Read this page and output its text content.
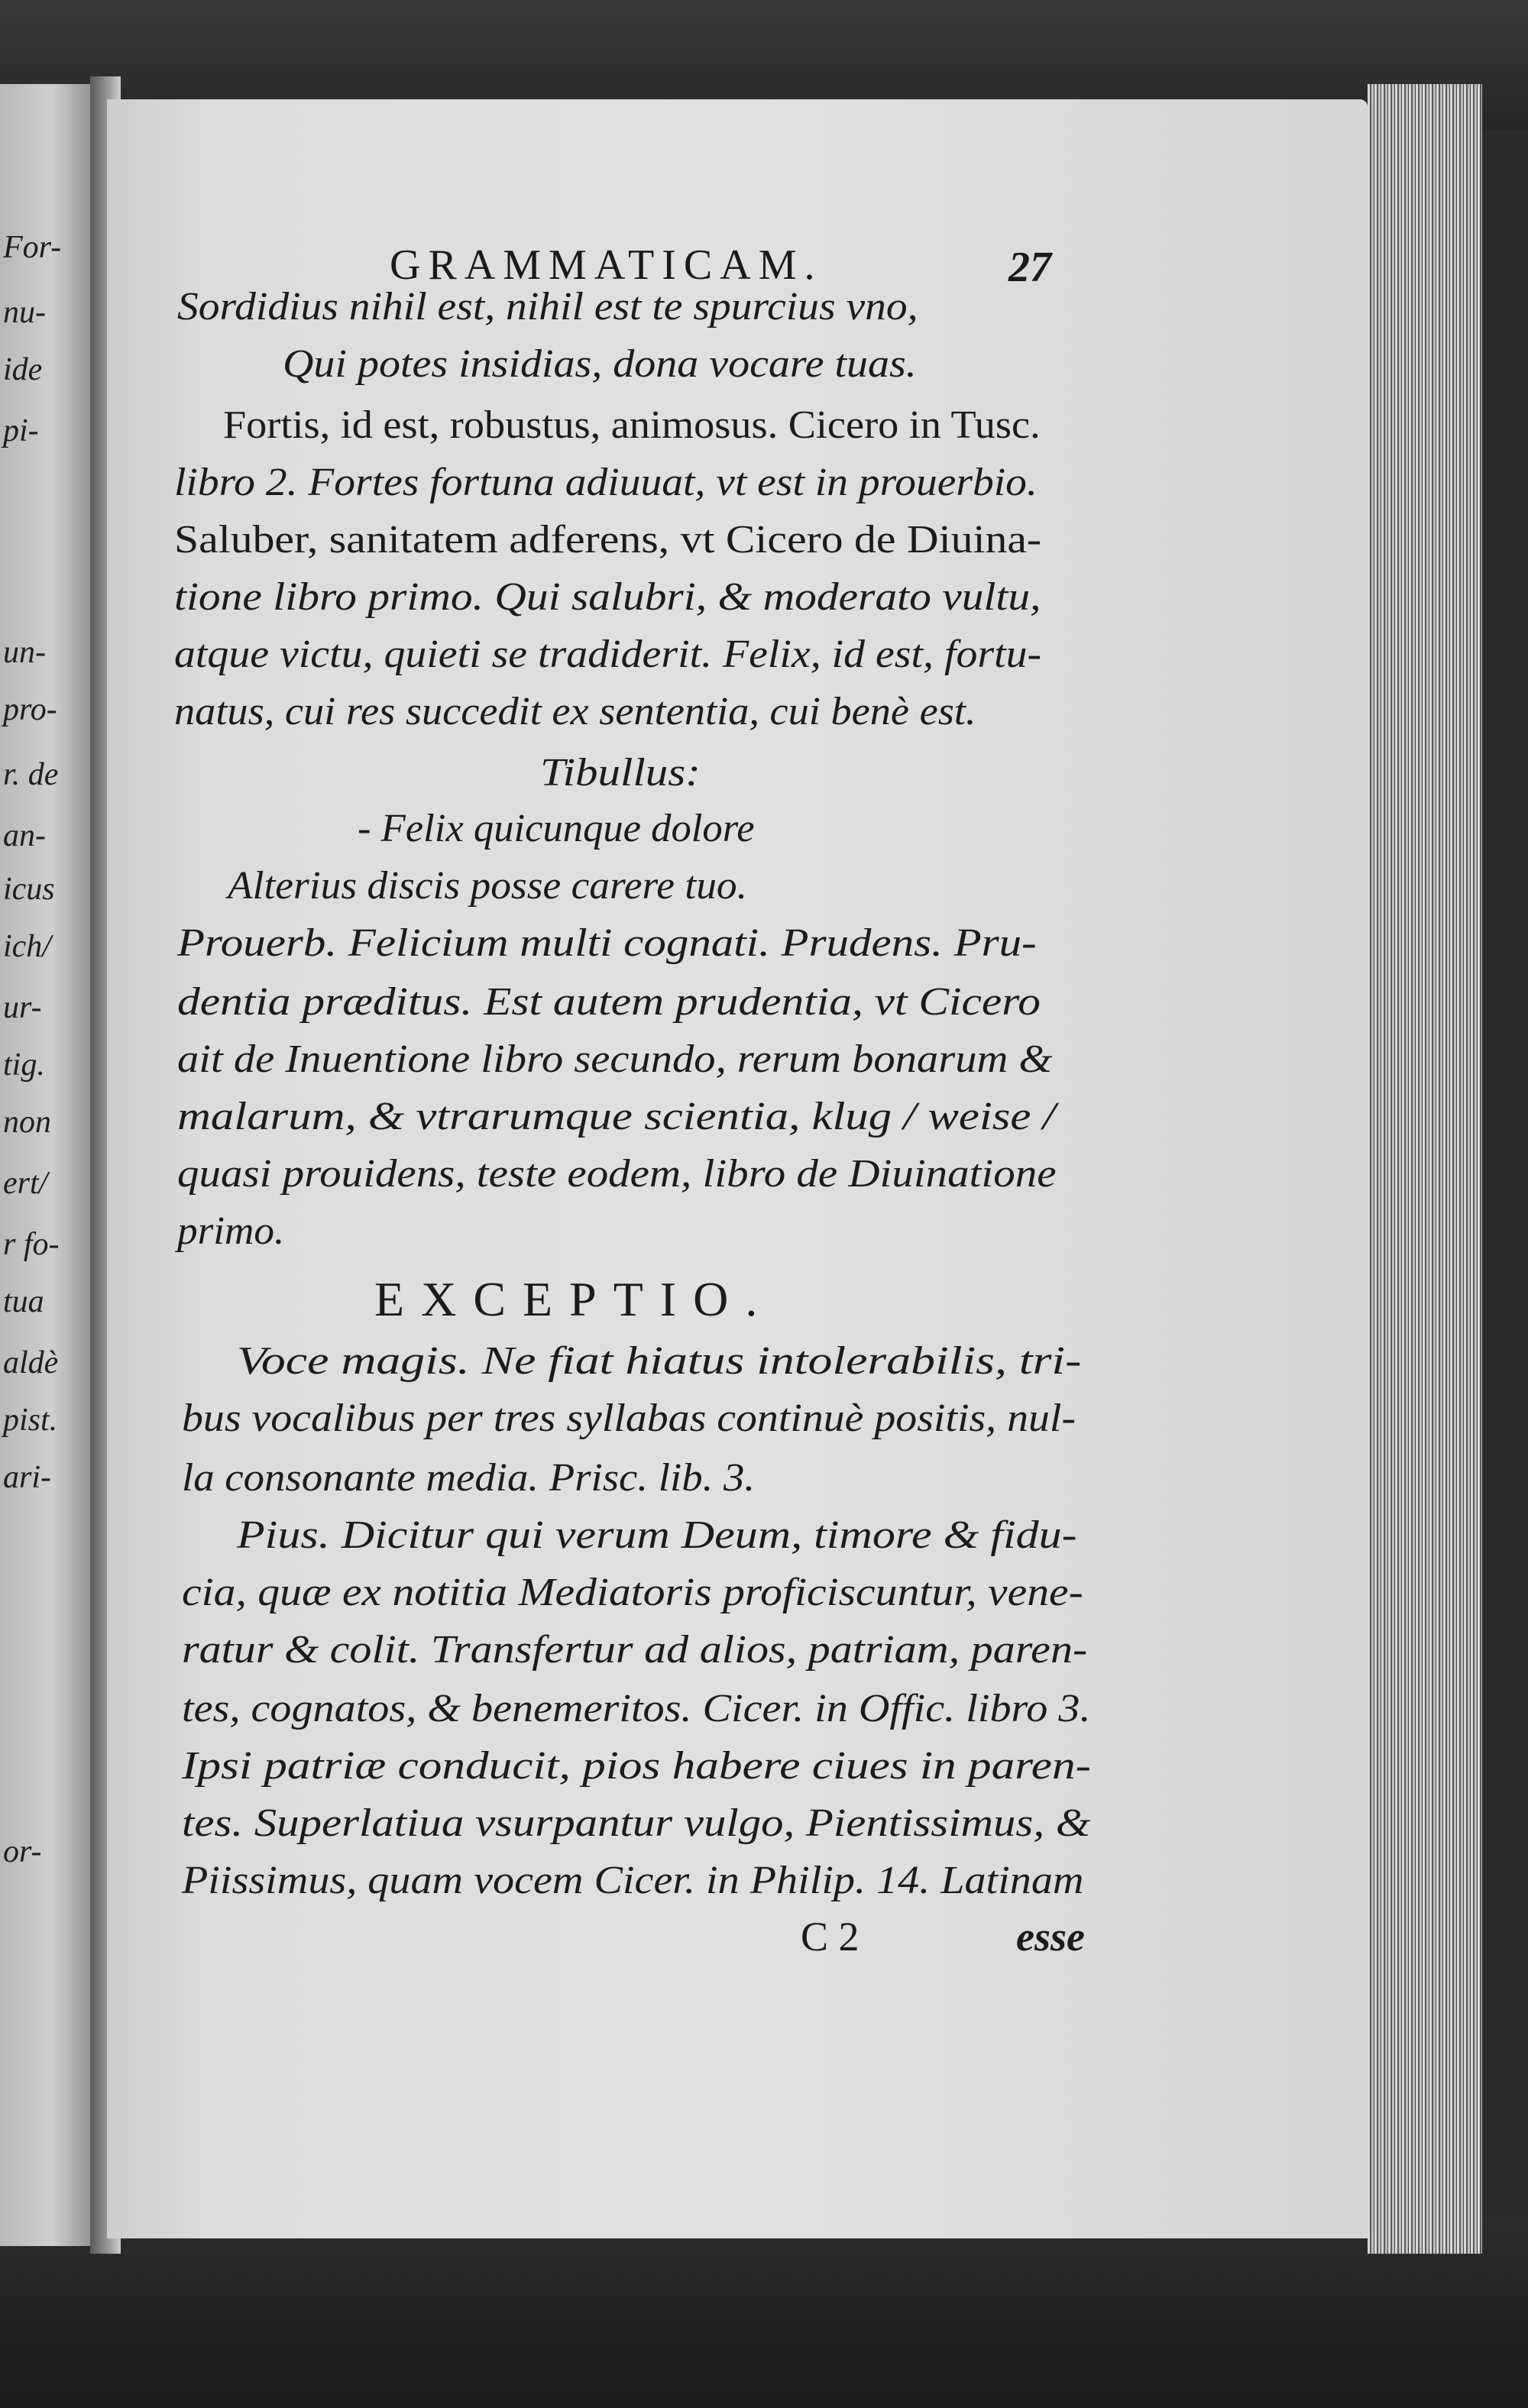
For-
nu-
ide
pi-
un-
pro-
r. de
an-
icus
ich/
ur-
tig.
non
ert/
r fo-
tua
aldè
pist.
ari-
or-
GRAMMATICAM.	27
Sordidius nihil est, nihil est te spurcius vno,
Qui potes insidias, dona vocare tuas.
Fortis, id est, robustus, animosus. Cicero in Tusc.
libro 2. Fortes fortuna adiuuat, vt est in prouerbio.
Saluber, sanitatem adferens, vt Cicero de Diuina-
tione libro primo. Qui salubri, & moderato vultu,
atque victu, quieti se tradiderit. Felix, id est, fortu-
natus, cui res succedit ex sententia, cui benè est.
Tibullus:
- Felix quicunque dolore
Alterius discis posse carere tuo.
Prouerb. Felicium multi cognati. Prudens. Pru-
dentia præditus. Est autem prudentia, vt Cicero
ait de Inuentione libro secundo, rerum bonarum &
malarum, & vtrarumque scientia, klug / weise /
quasi prouidens, teste eodem, libro de Diuinatione
primo.
EXCEPTIO.
Voce magis. Ne fiat hiatus intolerabilis, tri-
bus vocalibus per tres syllabas continuè positis, nul-
la consonante media. Prisc. lib. 3.
Pius. Dicitur qui verum Deum, timore & fidu-
cia, quæ ex notitia Mediatoris proficiscuntur, vene-
ratur & colit. Transfertur ad alios, patriam, paren-
tes, cognatos, & benemeritos. Cicer. in Offic. libro 3.
Ipsi patriæ conducit, pios habere ciues in paren-
tes. Superlatiua vsurpantur vulgo, Pientissimus, &
Piissimus, quam vocem Cicer. in Philip. 14. Latinam
C 2	esse
